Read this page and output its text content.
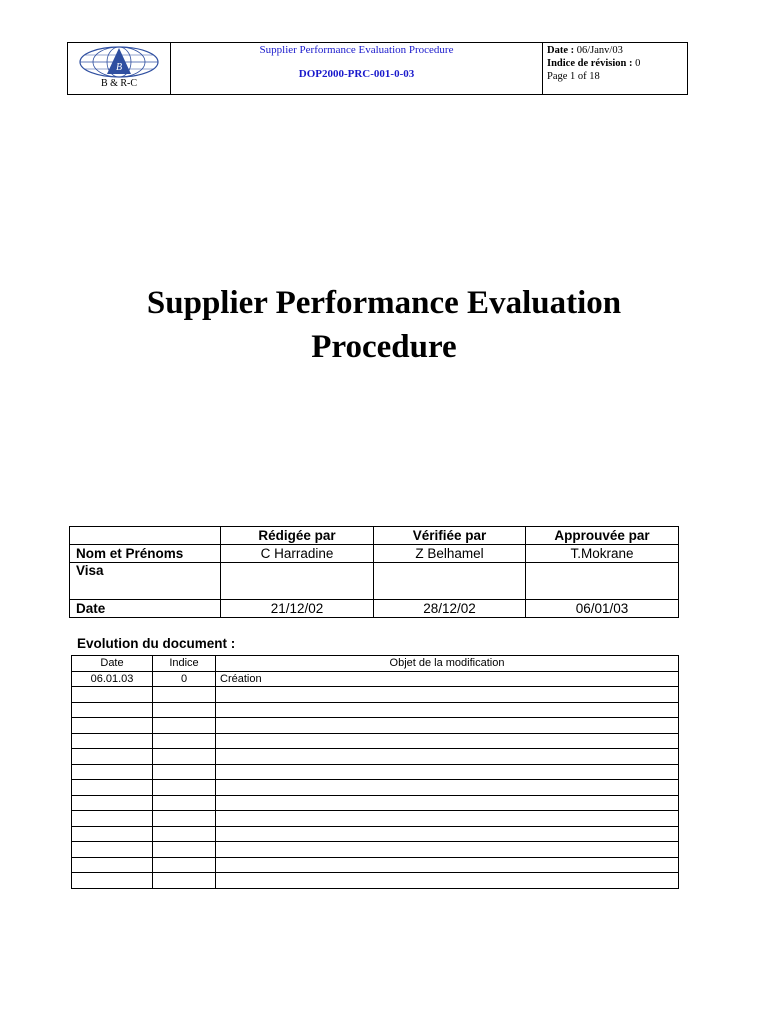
B
B & R-C
Supplier Performance Evaluation Procedure
DOP2000-PRC-001-0-03
Date : 06/Janv/03
Indice de révision : 0
Page 1 of 18
Supplier Performance Evaluation
Procedure
	Rédigée par	Vérifiée par	Approuvée par
Nom et Prénoms	C Harradine	Z Belhamel	T.Mokrane
Visa			
Date	21/12/02	28/12/02	06/01/03
Evolution du document :
Date	Indice	Objet de la modification
06.01.03	0	Création
